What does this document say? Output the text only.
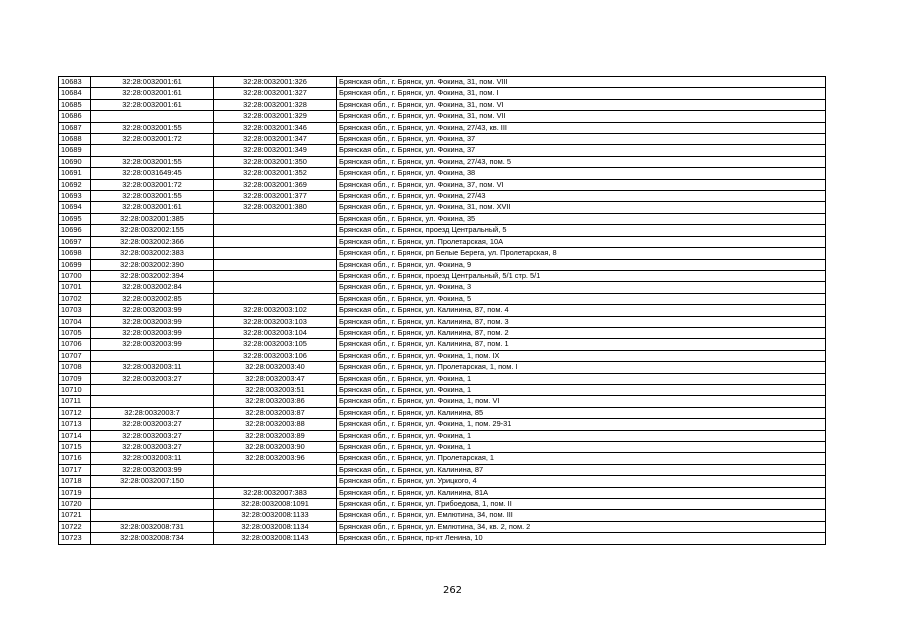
10683	32:28:0032001:61	32:28:0032001:326	Брянская обл., г. Брянск, ул. Фокина, 31, пом. VIII
10684	32:28:0032001:61	32:28:0032001:327	Брянская обл., г. Брянск, ул. Фокина, 31, пом. I
10685	32:28:0032001:61	32:28:0032001:328	Брянская обл., г. Брянск, ул. Фокина, 31, пом. VI
10686		32:28:0032001:329	Брянская обл., г. Брянск, ул. Фокина, 31, пом. VII
10687	32:28:0032001:55	32:28:0032001:346	Брянская обл., г. Брянск, ул. Фокина, 27/43, кв. III
10688	32:28:0032001:72	32:28:0032001:347	Брянская обл., г. Брянск, ул. Фокина, 37
10689		32:28:0032001:349	Брянская обл., г. Брянск, ул. Фокина, 37
10690	32:28:0032001:55	32:28:0032001:350	Брянская обл., г. Брянск, ул. Фокина, 27/43, пом. 5
10691	32:28:0031649:45	32:28:0032001:352	Брянская обл., г. Брянск, ул. Фокина, 38
10692	32:28:0032001:72	32:28:0032001:369	Брянская обл., г. Брянск, ул. Фокина, 37, пом. VI
10693	32:28:0032001:55	32:28:0032001:377	Брянская обл., г. Брянск, ул. Фокина, 27/43
10694	32:28:0032001:61	32:28:0032001:380	Брянская обл., г. Брянск, ул. Фокина, 31, пом. XVII
10695	32:28:0032001:385		Брянская обл., г. Брянск, ул. Фокина, 35
10696	32:28:0032002:155		Брянская обл., г. Брянск, проезд Центральный, 5
10697	32:28:0032002:366		Брянская обл., г. Брянск, ул. Пролетарская, 10А
10698	32:28:0032002:383		Брянская обл., г. Брянск, рп Белые Берега, ул. Пролетарская, 8
10699	32:28:0032002:390		Брянская обл., г. Брянск, ул. Фокина, 9
10700	32:28:0032002:394		Брянская обл., г. Брянск, проезд Центральный, 5/1 стр. 5/1
10701	32:28:0032002:84		Брянская обл., г. Брянск, ул. Фокина, 3
10702	32:28:0032002:85		Брянская обл., г. Брянск, ул. Фокина, 5
10703	32:28:0032003:99	32:28:0032003:102	Брянская обл., г. Брянск, ул. Калинина, 87, пом. 4
10704	32:28:0032003:99	32:28:0032003:103	Брянская обл., г. Брянск, ул. Калинина, 87, пом. 3
10705	32:28:0032003:99	32:28:0032003:104	Брянская обл., г. Брянск, ул. Калинина, 87, пом. 2
10706	32:28:0032003:99	32:28:0032003:105	Брянская обл., г. Брянск, ул. Калинина, 87, пом. 1
10707		32:28:0032003:106	Брянская обл., г. Брянск, ул. Фокина, 1, пом. IX
10708	32:28:0032003:11	32:28:0032003:40	Брянская обл., г. Брянск, ул. Пролетарская, 1, пом. I
10709	32:28:0032003:27	32:28:0032003:47	Брянская обл., г. Брянск, ул. Фокина, 1
10710		32:28:0032003:51	Брянская обл., г. Брянск, ул. Фокина, 1
10711		32:28:0032003:86	Брянская обл., г. Брянск, ул. Фокина, 1, пом. VI
10712	32:28:0032003:7	32:28:0032003:87	Брянская обл., г. Брянск, ул. Калинина, 85
10713	32:28:0032003:27	32:28:0032003:88	Брянская обл., г. Брянск, ул. Фокина, 1, пом. 29-31
10714	32:28:0032003:27	32:28:0032003:89	Брянская обл., г. Брянск, ул. Фокина, 1
10715	32:28:0032003:27	32:28:0032003:90	Брянская обл., г. Брянск, ул. Фокина, 1
10716	32:28:0032003:11	32:28:0032003:96	Брянская обл., г. Брянск, ул. Пролетарская, 1
10717	32:28:0032003:99		Брянская обл., г. Брянск, ул. Калинина, 87
10718	32:28:0032007:150		Брянская обл., г. Брянск, ул. Урицкого, 4
10719		32:28:0032007:383	Брянская обл., г. Брянск, ул. Калинина, 81А
10720		32:28:0032008:1091	Брянская обл., г. Брянск, ул. Грибоедова, 1, пом. II
10721		32:28:0032008:1133	Брянская обл., г. Брянск, ул. Емлютина, 34, пом. III
10722	32:28:0032008:731	32:28:0032008:1134	Брянская обл., г. Брянск, ул. Емлютина, 34, кв. 2, пом. 2
10723	32:28:0032008:734	32:28:0032008:1143	Брянская обл., г. Брянск, пр-кт Ленина, 10
262
